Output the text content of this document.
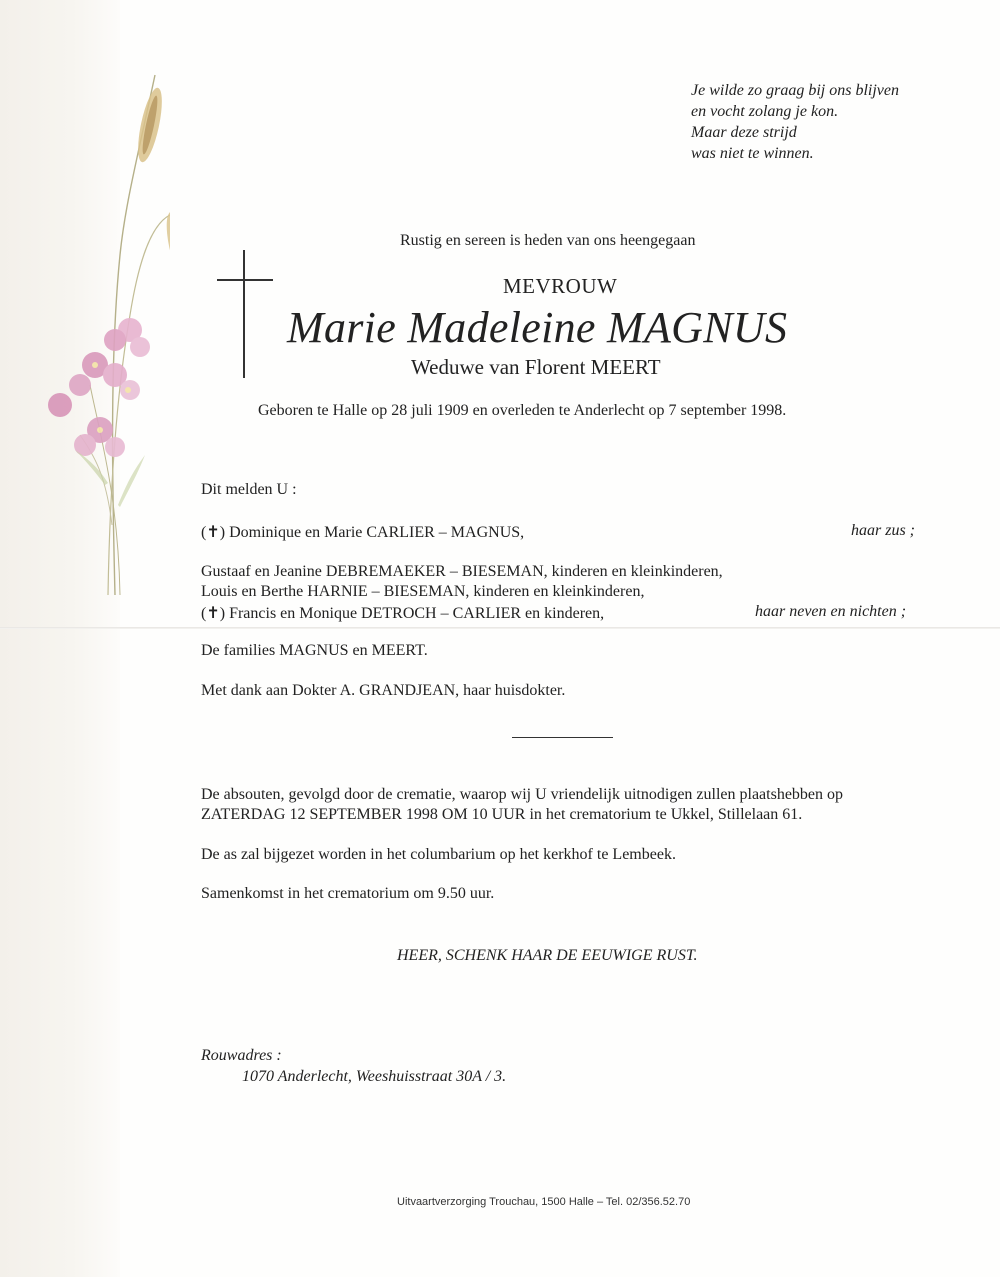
Je wilde zo graag bij ons blijven
en vocht zolang je kon.
Maar deze strijd
was niet te winnen.
Rustig en sereen is heden van ons heengegaan
MEVROUW
Marie Madeleine MAGNUS
Weduwe van Florent MEERT
Geboren te Halle op 28 juli 1909 en overleden te Anderlecht op 7 september 1998.
Dit melden U :
(✝) Dominique en Marie CARLIER – MAGNUS,	haar zus ;
Gustaaf en Jeanine DEBREMAEKER – BIESEMAN, kinderen en kleinkinderen,
Louis en Berthe HARNIE – BIESEMAN, kinderen en kleinkinderen,
(✝) Francis en Monique DETROCH – CARLIER en kinderen,	haar neven en nichten ;
De families MAGNUS en MEERT.
Met dank aan Dokter A. GRANDJEAN, haar huisdokter.
De absouten, gevolgd door de crematie, waarop wij U vriendelijk uitnodigen zullen plaatshebben op
ZATERDAG 12 SEPTEMBER 1998 OM 10 UUR in het crematorium te Ukkel, Stillelaan 61.
De as zal bijgezet worden in het columbarium op het kerkhof te Lembeek.
Samenkomst in het crematorium om 9.50 uur.
HEER, SCHENK HAAR DE EEUWIGE RUST.
Rouwadres :
1070 Anderlecht, Weeshuisstraat 30A / 3.
Uitvaartverzorging Trouchau, 1500 Halle – Tel. 02/356.52.70
